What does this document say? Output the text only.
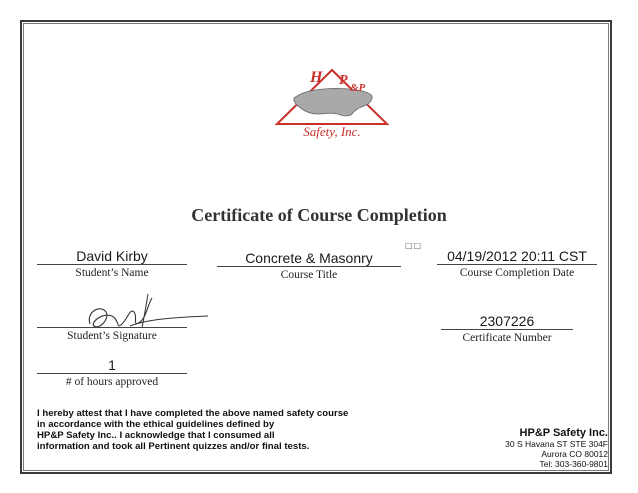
H P &P
Safety, Inc.
Certificate of Course Completion
David Kirby
Student’s Name
Concrete & Masonry
Course Title
□□
04/19/2012 20:11 CST
Course Completion Date
Student’s Signature
2307226
Certificate Number
1
# of hours approved
I hereby attest that I have completed the above named safety course
in accordance with the ethical guidelines defined by
HP&P Safety Inc.. I acknowledge that I consumed all
information and took all Pertinent quizzes and/or final tests.
HP&P Safety Inc.
30 S Havana ST STE 304F
Aurora CO 80012
Tel: 303-360-9801
